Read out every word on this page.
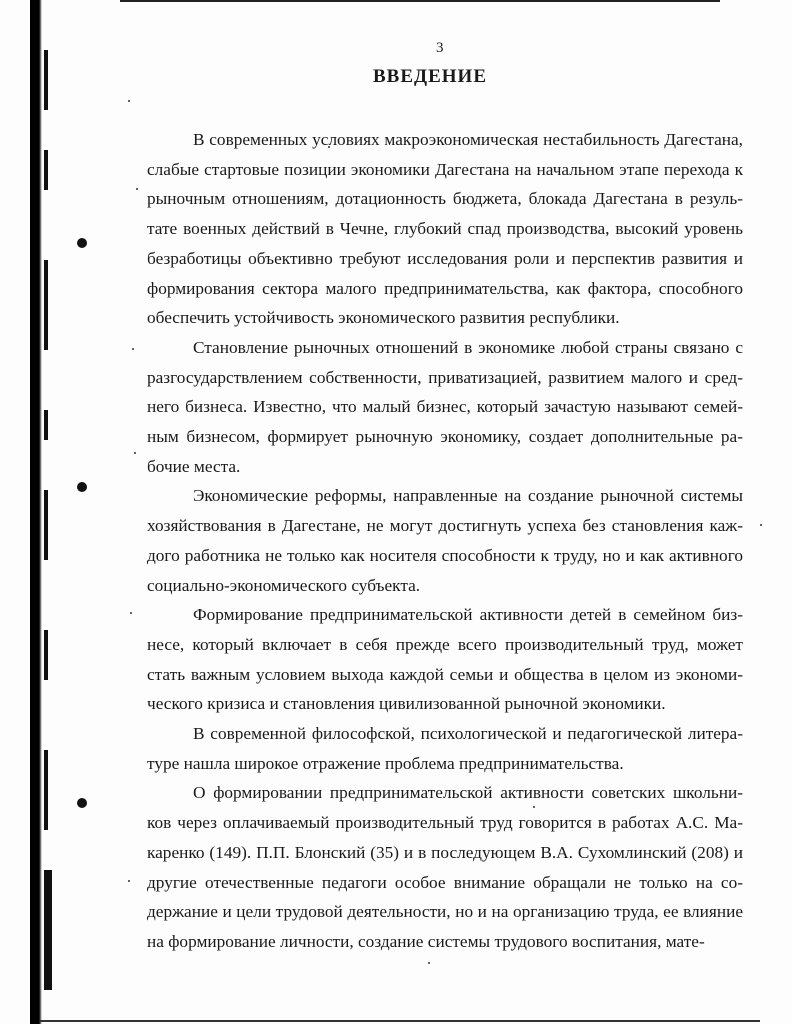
3
ВВЕДЕНИЕ

В современных условиях макроэкономическая нестабильность Дагестана, слабые стартовые позиции экономики Дагестана на начальном этапе перехода к рыночным отношениям, дотационность бюджета, блокада Дагестана в результате военных действий в Чечне, глубокий спад производства, высокий уровень безработицы объективно требуют исследования роли и перспектив развития и формирования сектора малого предпринимательства, как фактора, способного обеспечить устойчивость экономического развития республики.

Становление рыночных отношений в экономике любой страны связано с разгосударствлением собственности, приватизацией, развитием малого и среднего бизнеса. Известно, что малый бизнес, который зачастую называют семейным бизнесом, формирует рыночную экономику, создает дополнительные рабочие места.

Экономические реформы, направленные на создание рыночной системы хозяйствования в Дагестане, не могут достигнуть успеха без становления каждого работника не только как носителя способности к труду, но и как активного социально-экономического субъекта.

Формирование предпринимательской активности детей в семейном бизнесе, который включает в себя прежде всего производительный труд, может стать важным условием выхода каждой семьи и общества в целом из экономического кризиса и становления цивилизованной рыночной экономики.

В современной философской, психологической и педагогической литературе нашла широкое отражение проблема предпринимательства.

О формировании предпринимательской активности советских школьников через оплачиваемый производительный труд говорится в работах А.С. Макаренко (149). П.П. Блонский (35) и в последующем В.А. Сухомлинский (208) и другие отечественные педагоги особое внимание обращали не только на содержание и цели трудовой деятельности, но и на организацию труда, ее влияние на формирование личности, создание системы трудового воспитания, мате-
